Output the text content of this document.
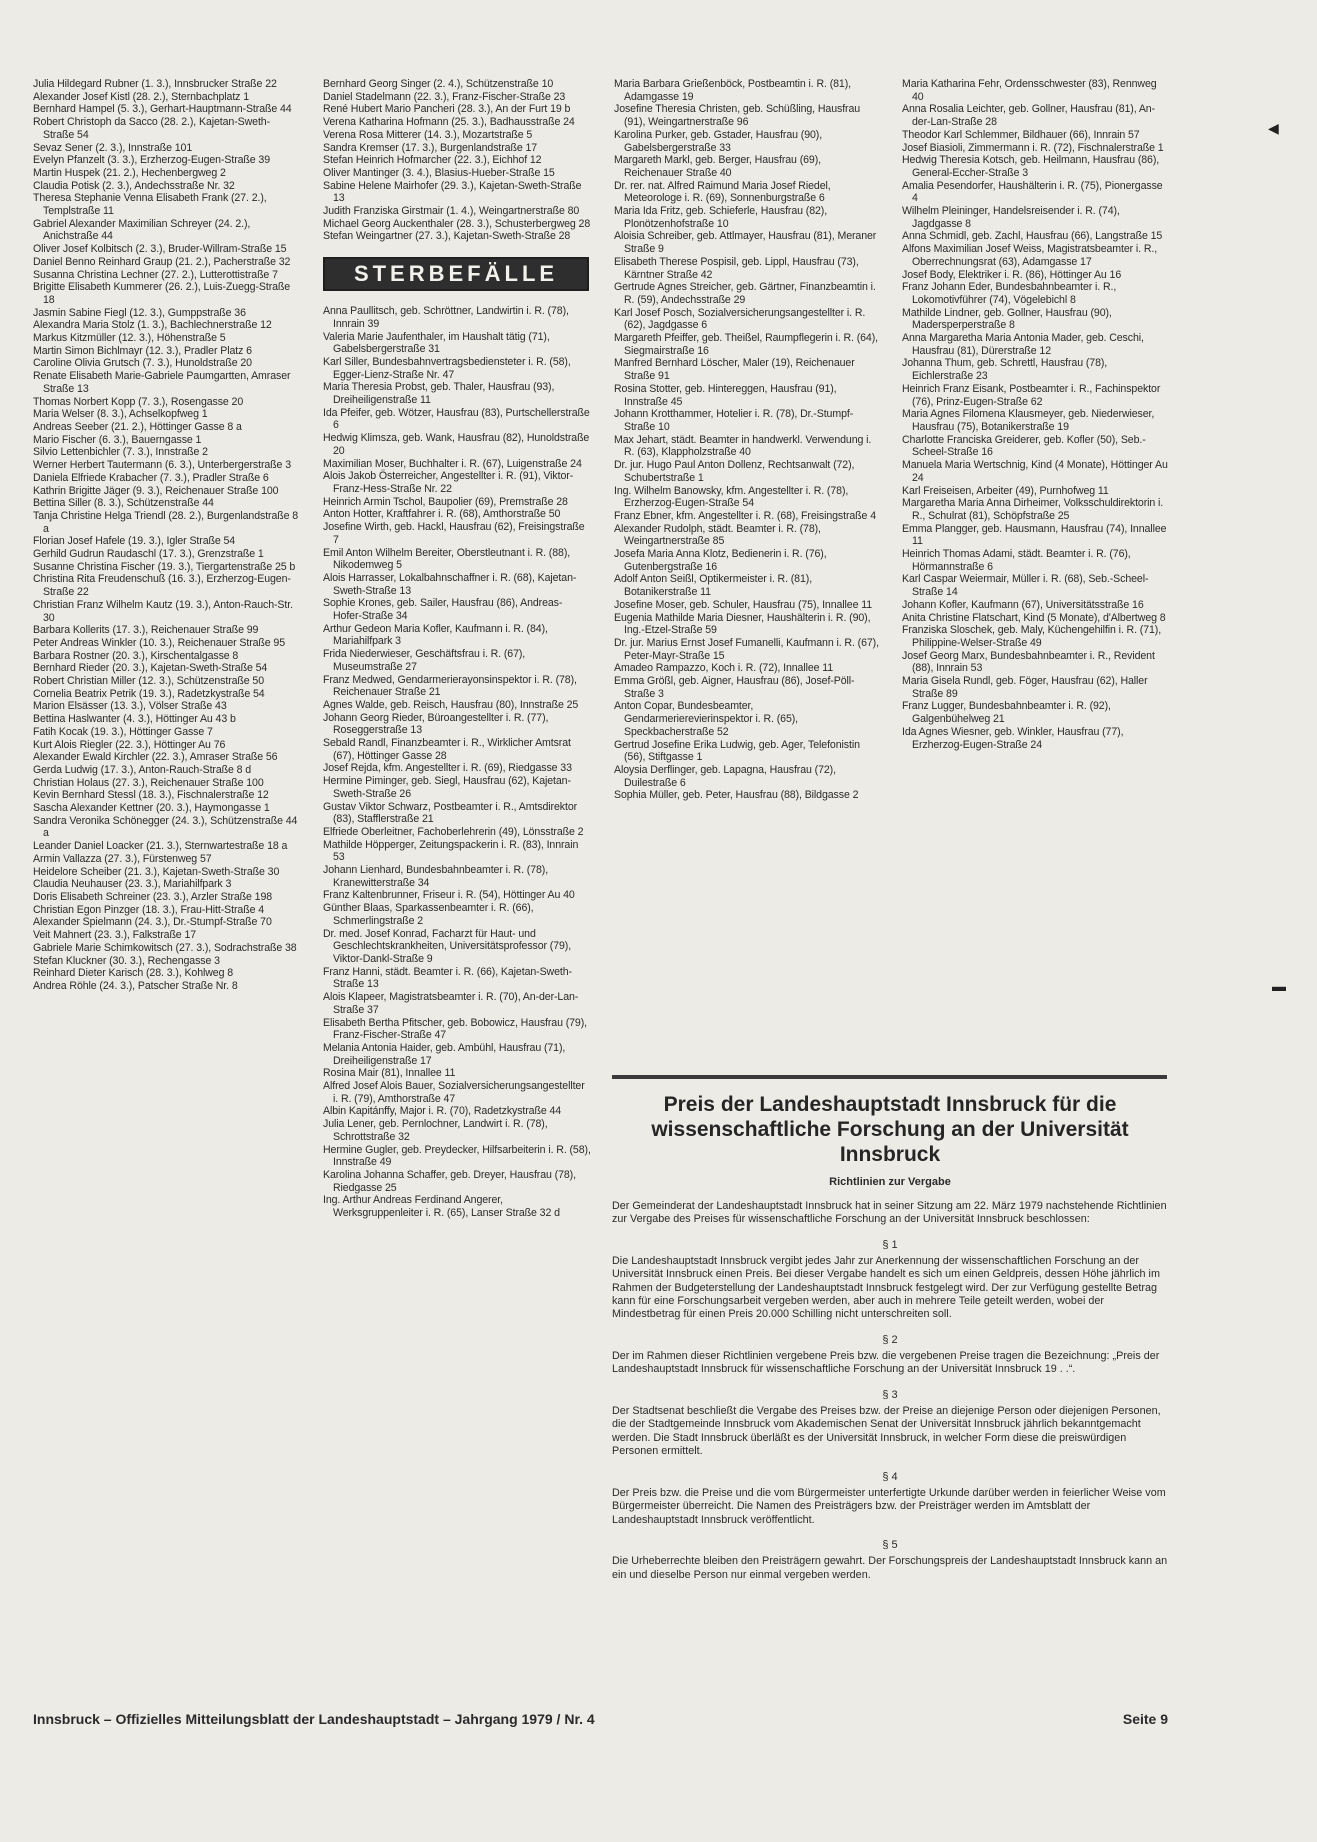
Julia Hildegard Rubner (1. 3.), Innsbrucker Straße 22
Alexander Josef Kistl (28. 2.), Sternbachplatz 1
Bernhard Hampel (5. 3.), Gerhart-Hauptmann-Straße 44
Robert Christoph da Sacco (28. 2.), Kajetan-Sweth-Straße 54
Sevaz Sener (2. 3.), Innstraße 101
Evelyn Pfanzelt (3. 3.), Erzherzog-Eugen-Straße 39
Martin Huspek (21. 2.), Hechenbergweg 2
Claudia Potisk (2. 3.), Andechsstraße Nr. 32
Theresa Stephanie Venna Elisabeth Frank (27. 2.), Templstraße 11
Gabriel Alexander Maximilian Schreyer (24. 2.), Anichstraße 44
Oliver Josef Kolbitsch (2. 3.), Bruder-Willram-Straße 15
Daniel Benno Reinhard Graup (21. 2.), Pacherstraße 32
Susanna Christina Lechner (27. 2.), Lutterottistraße 7
Brigitte Elisabeth Kummerer (26. 2.), Luis-Zuegg-Straße 18
Jasmin Sabine Fiegl (12. 3.), Gumppstraße 36
Alexandra Maria Stolz (1. 3.), Bachlechnerstraße 12
Markus Kitzmüller (12. 3.), Höhenstraße 5
Martin Simon Bichlmayr (12. 3.), Pradler Platz 6
Caroline Olivia Grutsch (7. 3.), Hunoldstraße 20
Renate Elisabeth Marie-Gabriele Paumgartten, Amraser Straße 13
Thomas Norbert Kopp (7. 3.), Rosengasse 20
Maria Welser (8. 3.), Achselkopfweg 1
Andreas Seeber (21. 2.), Höttinger Gasse 8 a
Mario Fischer (6. 3.), Bauerngasse 1
Silvio Lettenbichler (7. 3.), Innstraße 2
Werner Herbert Tautermann (6. 3.), Unterbergerstraße 3
Daniela Elfriede Krabacher (7. 3.), Pradler Straße 6
Kathrin Brigitte Jäger (9. 3.), Reichenauer Straße 100
Bettina Siller (8. 3.), Schützenstraße 44
Tanja Christine Helga Triendl (28. 2.), Burgenlandstraße 8 a
Florian Josef Hafele (19. 3.), Igler Straße 54
Gerhild Gudrun Raudaschl (17. 3.), Grenzstraße 1
Susanne Christina Fischer (19. 3.), Tiergartenstraße 25 b
Christina Rita Freudenschuß (16. 3.), Erzherzog-Eugen-Straße 22
Christian Franz Wilhelm Kautz (19. 3.), Anton-Rauch-Str. 30
Barbara Kollerits (17. 3.), Reichenauer Straße 99
Peter Andreas Winkler (10. 3.), Reichenauer Straße 95
Barbara Rostner (20. 3.), Kirschentalgasse 8
Bernhard Rieder (20. 3.), Kajetan-Sweth-Straße 54
Robert Christian Miller (12. 3.), Schützenstraße 50
Cornelia Beatrix Petrik (19. 3.), Radetzkystraße 54
Marion Elsässer (13. 3.), Völser Straße 43
Bettina Haslwanter (4. 3.), Höttinger Au 43 b
Fatih Kocak (19. 3.), Höttinger Gasse 7
Kurt Alois Riegler (22. 3.), Höttinger Au 76
Alexander Ewald Kirchler (22. 3.), Amraser Straße 56
Gerda Ludwig (17. 3.), Anton-Rauch-Straße 8 d
Christian Holaus (27. 3.), Reichenauer Straße 100
Kevin Bernhard Stessl (18. 3.), Fischnalerstraße 12
Sascha Alexander Kettner (20. 3.), Haymongasse 1
Sandra Veronika Schönegger (24. 3.), Schützenstraße 44 a
Leander Daniel Loacker (21. 3.), Sternwartestraße 18 a
Armin Vallazza (27. 3.), Fürstenweg 57
Heidelore Scheiber (21. 3.), Kajetan-Sweth-Straße 30
Claudia Neuhauser (23. 3.), Mariahilfpark 3
Doris Elisabeth Schreiner (23. 3.), Arzler Straße 198
Christian Egon Pinzger (18. 3.), Frau-Hitt-Straße 4
Alexander Spielmann (24. 3.), Dr.-Stumpf-Straße 70
Veit Mahnert (23. 3.), Falkstraße 17
Gabriele Marie Schimkowitsch (27. 3.), Sodrachstraße 38
Stefan Kluckner (30. 3.), Rechengasse 3
Reinhard Dieter Karisch (28. 3.), Kohlweg 8
Andrea Röhle (24. 3.), Patscher Straße Nr. 8
Bernhard Georg Singer (2. 4.), Schützenstraße 10
Daniel Stadelmann (22. 3.), Franz-Fischer-Straße 23
René Hubert Mario Pancheri (28. 3.), An der Furt 19 b
Verena Katharina Hofmann (25. 3.), Badhausstraße 24
Verena Rosa Mitterer (14. 3.), Mozartstraße 5
Sandra Kremser (17. 3.), Burgenlandstraße 17
Stefan Heinrich Hofmarcher (22. 3.), Eichhof 12
Oliver Mantinger (3. 4.), Blasius-Hueber-Straße 15
Sabine Helene Mairhofer (29. 3.), Kajetan-Sweth-Straße 13
Judith Franziska Girstmair (1. 4.), Weingartnerstraße 80
Michael Georg Auckenthaler (28. 3.), Schusterbergweg 28
Stefan Weingartner (27. 3.), Kajetan-Sweth-Straße 28
STERBEFÄLLE
Anna Paullitsch, geb. Schröttner, Landwirtin i. R. (78), Innrain 39
Valeria Marie Jaufenthaler, im Haushalt tätig (71), Gabelsbergerstraße 31
Karl Siller, Bundesbahnvertragsbediensteter i. R. (58), Egger-Lienz-Straße Nr. 47
Maria Theresia Probst, geb. Thaler, Hausfrau (93), Dreiheiligenstraße 11
Ida Pfeifer, geb. Wötzer, Hausfrau (83), Purtschellerstraße 6
Hedwig Klimsza, geb. Wank, Hausfrau (82), Hunoldstraße 20
Maximilian Moser, Buchhalter i. R. (67), Luigenstraße 24
Alois Jakob Österreicher, Angestellter i. R. (91), Viktor-Franz-Hess-Straße Nr. 22
Heinrich Armin Tschol, Baupolier (69), Premstraße 28
Anton Hotter, Kraftfahrer i. R. (68), Amthorstraße 50
Josefine Wirth, geb. Hackl, Hausfrau (62), Freisingstraße 7
Emil Anton Wilhelm Bereiter, Oberstleutnant i. R. (88), Nikodemweg 5
Alois Harrasser, Lokalbahnschaffner i. R. (68), Kajetan-Sweth-Straße 13
Sophie Krones, geb. Sailer, Hausfrau (86), Andreas-Hofer-Straße 34
Arthur Gedeon Maria Kofler, Kaufmann i. R. (84), Mariahilfpark 3
Frida Niederwieser, Geschäftsfrau i. R. (67), Museumstraße 27
Franz Medwed, Gendarmerierayonsinspektor i. R. (78), Reichenauer Straße 21
Agnes Walde, geb. Reisch, Hausfrau (80), Innstraße 25
Johann Georg Rieder, Büroangestellter i. R. (77), Roseggerstraße 13
Sebald Randl, Finanzbeamter i. R., Wirklicher Amtsrat (67), Höttinger Gasse 28
Josef Rejda, kfm. Angestellter i. R. (69), Riedgasse 33
Hermine Piminger, geb. Siegl, Hausfrau (62), Kajetan-Sweth-Straße 26
Gustav Viktor Schwarz, Postbeamter i. R., Amtsdirektor (83), Stafflerstraße 21
Elfriede Oberleitner, Fachoberlehrerin (49), Lönsstraße 2
Mathilde Höpperger, Zeitungspackerin i. R. (83), Innrain 53
Johann Lienhard, Bundesbahnbeamter i. R. (78), Kranewitterstraße 34
Franz Kaltenbrunner, Friseur i. R. (54), Höttinger Au 40
Günther Blaas, Sparkassenbeamter i. R. (66), Schmerlingstraße 2
Dr. med. Josef Konrad, Facharzt für Haut- und Geschlechtskrankheiten, Universitätsprofessor (79), Viktor-Dankl-Straße 9
Franz Hanni, städt. Beamter i. R. (66), Kajetan-Sweth-Straße 13
Alois Klapeer, Magistratsbeamter i. R. (70), An-der-Lan-Straße 37
Elisabeth Bertha Pfitscher, geb. Bobowicz, Hausfrau (79), Franz-Fischer-Straße 47
Melania Antonia Haider, geb. Ambühl, Hausfrau (71), Dreiheiligenstraße 17
Rosina Mair (81), Innallee 11
Alfred Josef Alois Bauer, Sozialversicherungsangestellter i. R. (79), Amthorstraße 47
Albin Kapitánffy, Major i. R. (70), Radetzkystraße 44
Julia Lener, geb. Pernlochner, Landwirt i. R. (78), Schrottstraße 32
Hermine Gugler, geb. Preydecker, Hilfsarbeiterin i. R. (58), Innstraße 49
Karolina Johanna Schaffer, geb. Dreyer, Hausfrau (78), Riedgasse 25
Ing. Arthur Andreas Ferdinand Angerer, Werksgruppenleiter i. R. (65), Lanser Straße 32 d
Maria Barbara Grießenböck, Postbeamtin i. R. (81), Adamgasse 19
Josefine Theresia Christen, geb. Schüßling, Hausfrau (91), Weingartnerstraße 96
Karolina Purker, geb. Gstader, Hausfrau (90), Gabelsbergerstraße 33
Margareth Markl, geb. Berger, Hausfrau (69), Reichenauer Straße 40
Dr. rer. nat. Alfred Raimund Maria Josef Riedel, Meteorologe i. R. (69), Sonnenburgstraße 6
Maria Ida Fritz, geb. Schieferle, Hausfrau (82), Plonötzenhofstraße 10
Aloisia Schreiber, geb. Attlmayer, Hausfrau (81), Meraner Straße 9
Elisabeth Therese Pospisil, geb. Lippl, Hausfrau (73), Kärntner Straße 42
Gertrude Agnes Streicher, geb. Gärtner, Finanzbeamtin i. R. (59), Andechsstraße 29
Karl Josef Posch, Sozialversicherungsangestellter i. R. (62), Jagdgasse 6
Margareth Pfeiffer, geb. Theißel, Raumpflegerin i. R. (64), Siegmairstraße 16
Manfred Bernhard Löscher, Maler (19), Reichenauer Straße 91
Rosina Stotter, geb. Hintereggen, Hausfrau (91), Innstraße 45
Johann Krotthammer, Hotelier i. R. (78), Dr.-Stumpf-Straße 10
Max Jehart, städt. Beamter in handwerkl. Verwendung i. R. (63), Klappholzstraße 40
Dr. jur. Hugo Paul Anton Dollenz, Rechtsanwalt (72), Schubertstraße 1
Ing. Wilhelm Banowsky, kfm. Angestellter i. R. (78), Erzherzog-Eugen-Straße 54
Franz Ebner, kfm. Angestellter i. R. (68), Freisingstraße 4
Alexander Rudolph, städt. Beamter i. R. (78), Weingartnerstraße 85
Josefa Maria Anna Klotz, Bedienerin i. R. (76), Gutenbergstraße 16
Adolf Anton Seißl, Optikermeister i. R. (81), Botanikerstraße 11
Josefine Moser, geb. Schuler, Hausfrau (75), Innallee 11
Eugenia Mathilde Maria Diesner, Haushälterin i. R. (90), Ing.-Etzel-Straße 59
Dr. jur. Marius Ernst Josef Fumanelli, Kaufmann i. R. (67), Peter-Mayr-Straße 15
Amadeo Rampazzo, Koch i. R. (72), Innallee 11
Emma Größl, geb. Aigner, Hausfrau (86), Josef-Pöll-Straße 3
Anton Copar, Bundesbeamter, Gendarmerierevierinspektor i. R. (65), Speckbacherstraße 52
Gertrud Josefine Erika Ludwig, geb. Ager, Telefonistin (56), Stiftgasse 1
Aloysia Derflinger, geb. Lapagna, Hausfrau (72), Duilestraße 6
Sophia Müller, geb. Peter, Hausfrau (88), Bildgasse 2
Maria Katharina Fehr, Ordensschwester (83), Rennweg 40
Anna Rosalia Leichter, geb. Gollner, Hausfrau (81), An-der-Lan-Straße 28
Theodor Karl Schlemmer, Bildhauer (66), Innrain 57
Josef Biasioli, Zimmermann i. R. (72), Fischnalerstraße 1
Hedwig Theresia Kotsch, geb. Heilmann, Hausfrau (86), General-Eccher-Straße 3
Amalia Pesendorfer, Haushälterin i. R. (75), Pionergasse 4
Wilhelm Pleininger, Handelsreisender i. R. (74), Jagdgasse 8
Anna Schmidl, geb. Zachl, Hausfrau (66), Langstraße 15
Alfons Maximilian Josef Weiss, Magistratsbeamter i. R., Oberrechnungsrat (63), Adamgasse 17
Josef Body, Elektriker i. R. (86), Höttinger Au 16
Franz Johann Eder, Bundesbahnbeamter i. R., Lokomotivführer (74), Vögelebichl 8
Mathilde Lindner, geb. Gollner, Hausfrau (90), Madersperperstraße 8
Anna Margaretha Maria Antonia Mader, geb. Ceschi, Hausfrau (81), Dürerstraße 12
Johanna Thum, geb. Schrettl, Hausfrau (78), Eichlerstraße 23
Heinrich Franz Eisank, Postbeamter i. R., Fachinspektor (76), Prinz-Eugen-Straße 62
Maria Agnes Filomena Klausmeyer, geb. Niederwieser, Hausfrau (75), Botanikerstraße 19
Charlotte Franciska Greiderer, geb. Kofler (50), Seb.-Scheel-Straße 16
Manuela Maria Wertschnig, Kind (4 Monate), Höttinger Au 24
Karl Freiseisen, Arbeiter (49), Purnhofweg 11
Margaretha Maria Anna Dirheimer, Volksschuldirektorin i. R., Schulrat (81), Schöpfstraße 25
Emma Plangger, geb. Hausmann, Hausfrau (74), Innallee 11
Heinrich Thomas Adami, städt. Beamter i. R. (76), Hörmannstraße 6
Karl Caspar Weiermair, Müller i. R. (68), Seb.-Scheel-Straße 14
Johann Kofler, Kaufmann (67), Universitätsstraße 16
Anita Christine Flatschart, Kind (5 Monate), d'Albertweg 8
Franziska Sloschek, geb. Maly, Küchengehilfin i. R. (71), Philippine-Welser-Straße 49
Josef Georg Marx, Bundesbahnbeamter i. R., Revident (88), Innrain 53
Maria Gisela Rundl, geb. Föger, Hausfrau (62), Haller Straße 89
Franz Lugger, Bundesbahnbeamter i. R. (92), Galgenbühelweg 21
Ida Agnes Wiesner, geb. Winkler, Hausfrau (77), Erzherzog-Eugen-Straße 24
Preis der Landeshauptstadt Innsbruck für die wissenschaftliche Forschung an der Universität Innsbruck
Richtlinien zur Vergabe

Der Gemeinderat der Landeshauptstadt Innsbruck hat in seiner Sitzung am 22. März 1979 nachstehende Richtlinien zur Vergabe des Preises für wissenschaftliche Forschung an der Universität Innsbruck beschlossen:

§ 1

Die Landeshauptstadt Innsbruck vergibt jedes Jahr zur Anerkennung der wissenschaftlichen Forschung an der Universität Innsbruck einen Preis. Bei dieser Vergabe handelt es sich um einen Geldpreis, dessen Höhe jährlich im Rahmen der Budgeterstellung der Landeshauptstadt Innsbruck festgelegt wird. Der zur Verfügung gestellte Betrag kann für eine Forschungsarbeit vergeben werden, aber auch in mehrere Teile geteilt werden, wobei der Mindestbetrag für einen Preis 20.000 Schilling nicht unterschreiten soll.

§ 2

Der im Rahmen dieser Richtlinien vergebene Preis bzw. die vergebenen Preise tragen die Bezeichnung: „Preis der Landeshauptstadt Innsbruck für wissenschaftliche Forschung an der Universität Innsbruck 19 . .“.

§ 3

Der Stadtsenat beschließt die Vergabe des Preises bzw. der Preise an diejenige Person oder diejenigen Personen, die der Stadtgemeinde Innsbruck vom Akademischen Senat der Universität Innsbruck jährlich bekanntgemacht werden. Die Stadt Innsbruck überläßt es der Universität Innsbruck, in welcher Form diese die preiswürdigen Personen ermittelt.

§ 4

Der Preis bzw. die Preise und die vom Bürgermeister unterfertigte Urkunde darüber werden in feierlicher Weise vom Bürgermeister überreicht. Die Namen des Preisträgers bzw. der Preisträger werden im Amtsblatt der Landeshauptstadt Innsbruck veröffentlicht.

§ 5

Die Urheberrechte bleiben den Preisträgern gewahrt. Der Forschungspreis der Landeshauptstadt Innsbruck kann an ein und dieselbe Person nur einmal vergeben werden.

Innsbruck – Offizielles Mitteilungsblatt der Landeshauptstadt – Jahrgang 1979 / Nr. 4	Seite 9
◀
▬
